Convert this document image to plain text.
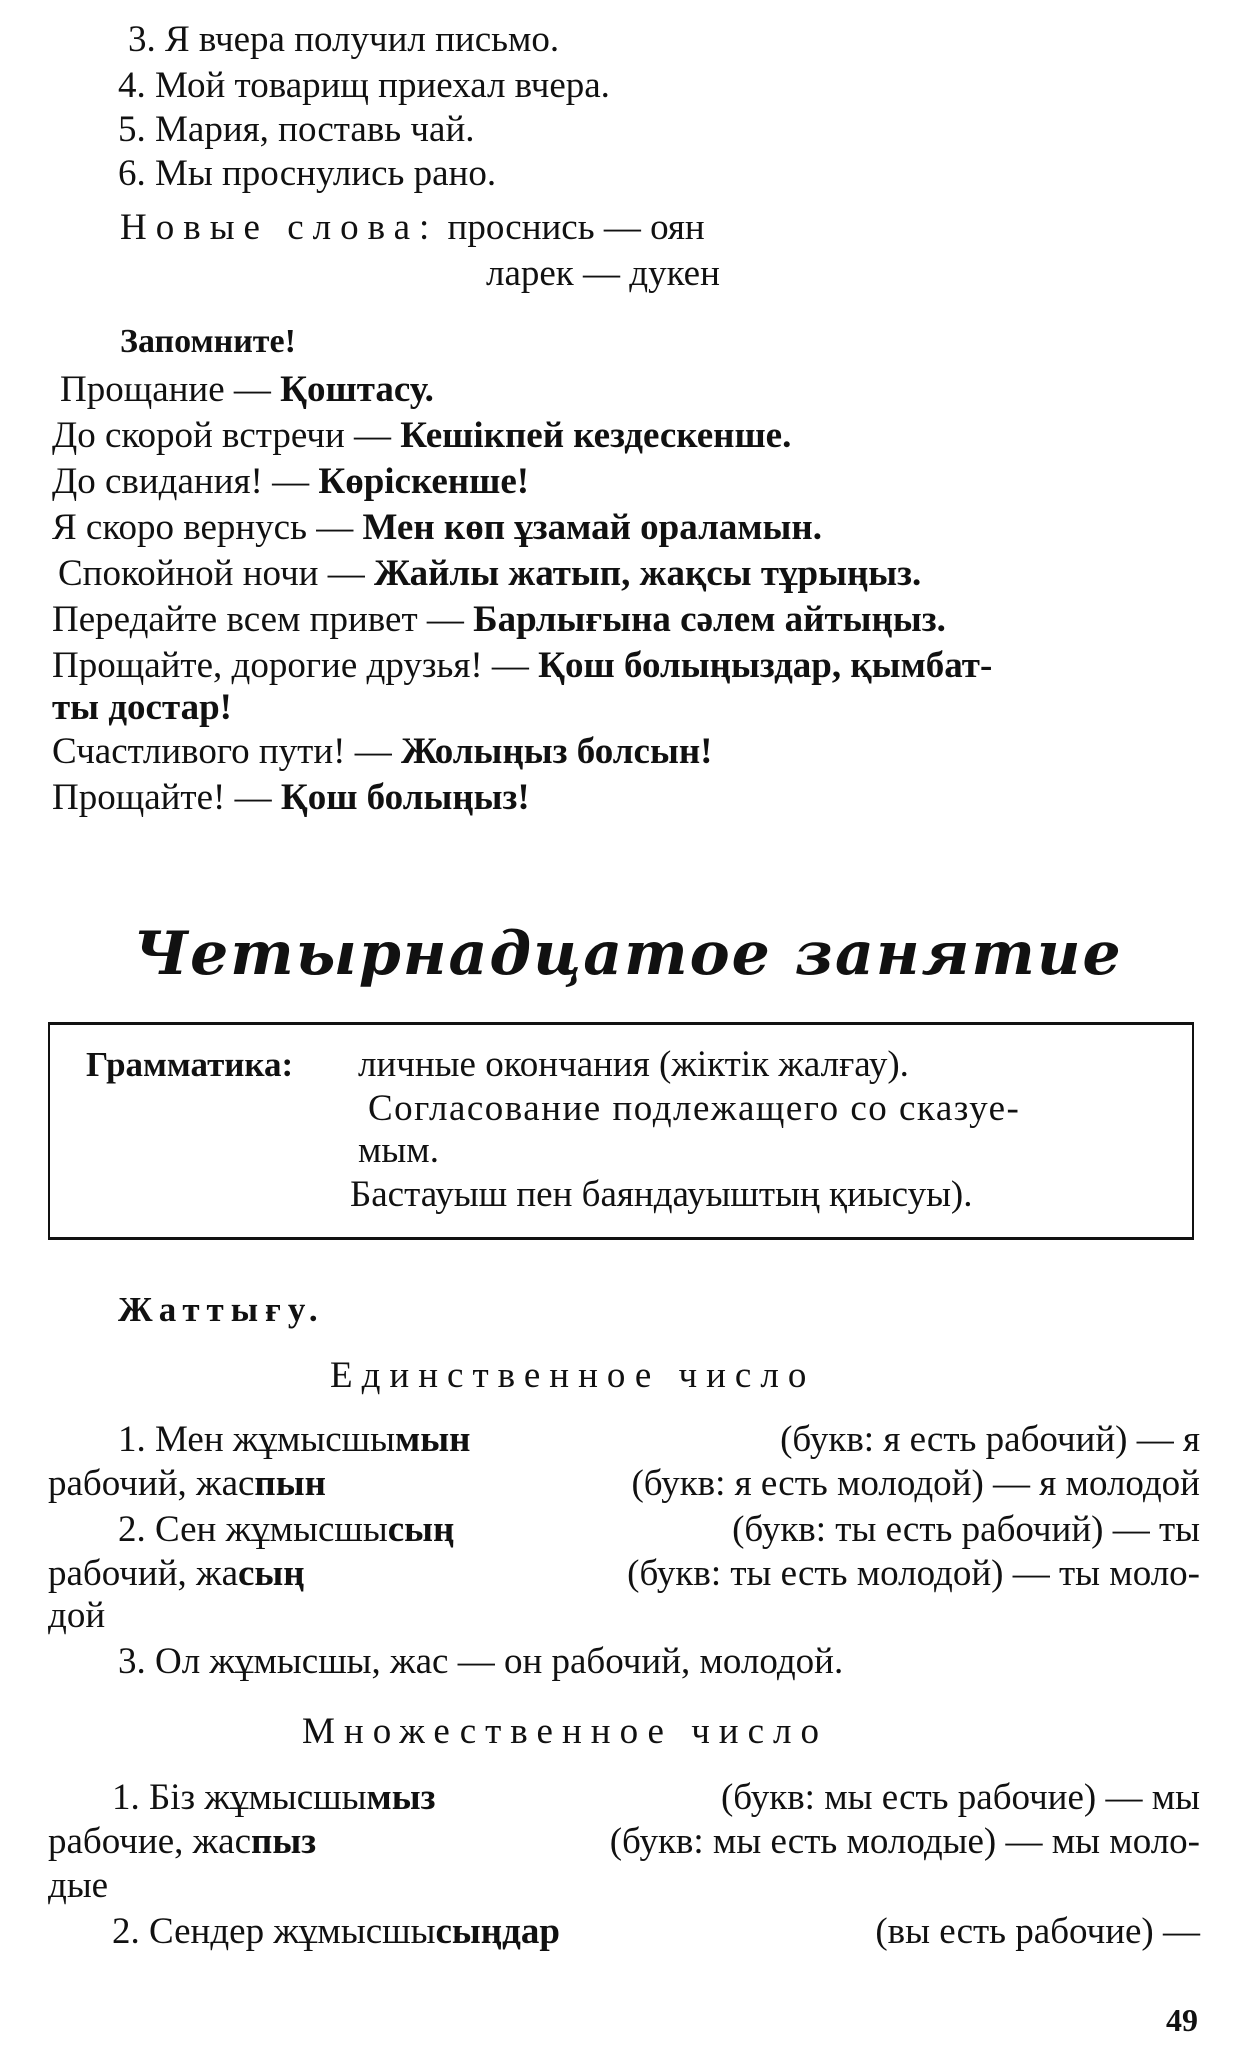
3. Я вчера получил письмо.
4. Мой товарищ приехал вчера.
5. Мария, поставь чай.
6. Мы проснулись рано.
Новые слова: проснись — оян
ларек — дукен
Запомните!
Прощание — Қоштасу.
До скорой встречи — Кешікпей кездескенше.
До свидания! — Көріскенше!
Я скоро вернусь — Мен көп ұзамай ораламын.
Спокойной ночи — Жайлы жатып, жақсы тұрыңыз.
Передайте всем привет — Барлығына сәлем айтыңыз.
Прощайте, дорогие друзья! — Қош болыңыздар, қымбат-
ты достар!
Счастливого пути! — Жолыңыз болсын!
Прощайте! — Қош болыңыз!
Четырнадцатое занятие
Грамматика: личные окончания (жіктік жалғау).
Согласование подлежащего со сказуе-
мым.
Бастауыш пен баяндауыштың қиысуы).
Жаттығу.
Единственное число
1. Мен жұмысшымын	(букв: я есть рабочий) — я
рабочий, жаспын	(букв: я есть молодой) — я молодой
2. Сен жұмысшысың	(букв: ты есть рабочий) — ты
рабочий, жасың	(букв: ты есть молодой) — ты моло-
дой
3. Ол жұмысшы, жас — он рабочий, молодой.
Множественное число
1. Біз жұмысшымыз	(букв: мы есть рабочие) — мы
рабочие, жаспыз	(букв: мы есть молодые) — мы моло-
дые
2. Сендер жұмысшысыңдар	(вы есть рабочие) —
49
